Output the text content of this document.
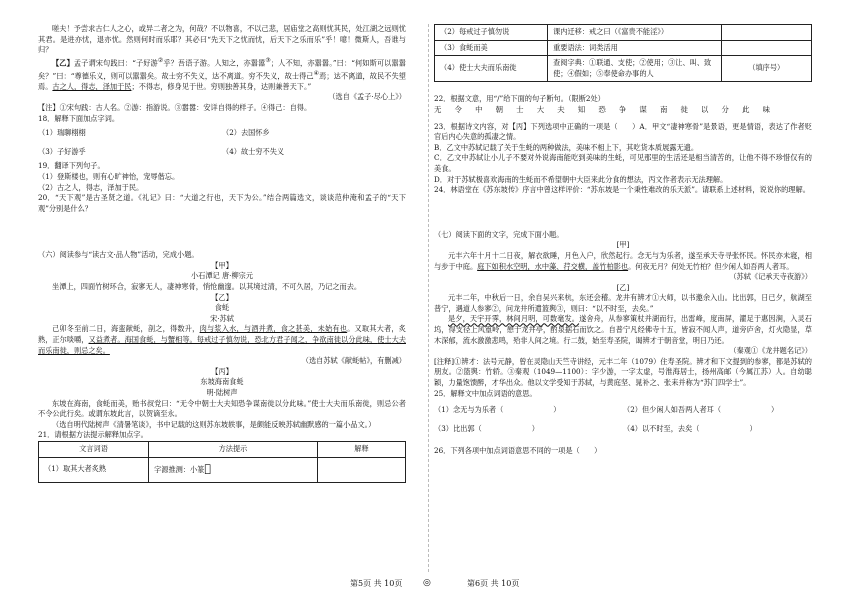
嗟夫！予尝求古仁人之心，或异二者之为，何哉？不以物喜，不以己悲，居庙堂之高则忧其民，处江湖之远则忧其君。是进亦忧，退亦忧。然则何时而乐耶？其必曰“先天下之忧而忧，后天下之乐而乐”乎！噫！微斯人，吾谁与归？

【乙】孟子谓宋句践曰：“子好游②乎？吾语子游。人知之，亦嚣嚣③；人不知，亦嚣嚣。”曰：“何如斯可以嚣嚣矣？”曰：“尊德乐义，则可以嚣嚣矣。故士穷不失义，达不离道。穷不失义，故士得己④焉；达不离道，故民不失望焉。古之人，得志，泽加于民；不得志，修身见于世。穷则独善其身，达则兼善天下。”

（选自《孟子·尽心上》）

【注】①宋句践：古人名。②游：指游说。③嚣嚣：安详自得的样子。④得己：自得。

18．解释下面加点字词。

（1）瑞聊栩栩	（2）去国怀乡

（3）子好游乎	（4）故士穷不失义

19．翻译下列句子。

（1）登斯楼也，则有心旷神怡，宠辱偕忘。

（2）古之人，得志，泽加于民。

20．“天下观”是古圣贤之道。《礼记》曰：“大道之行也，天下为公。”结合两篇选文，谈谈范仲淹和孟子的“天下观”分别是什么？

（六）阅读参与“读古文·品人物”活动，完成小题。

【甲】

小石潭记 唐·柳宗元

坐潭上，四面竹树环合，寂寥无人，凄神寒骨，悄怆幽邃。以其境过清，不可久居，乃记之而去。

【乙】

食蚝

宋·苏轼

己卯冬至前二日，海蛮献蚝，剖之，得数升，肉与浆入水，与酒并煮，食之甚美，未始有也。又取其大者，炙熟，正尔啖嚼，又益煮者。海国食蚝，与蟹相等。每戒过子慎勿说，恐北方君子闻之，争欲南徙以分此味，使士大夫而乐南徙，则忌之矣。

（选自苏轼《献蚝帖》，有删减）

【丙】

东坡海南食蚝

明·陆树声

东坡在海南，食蚝而美，贻书叔党曰：“无令中朝士大夫知恐争谋南徙以分此味。”使士大夫而乐南徙，则忌公者不令公此行矣。或谓东坡此言，以贺谪至永。

（选自明代陆树声《清暑笔谈》，书中记载的这则苏东坡轶事，是颇能反映苏轼幽默感的一篇小品文。）

21．请根据方法提示解释加点字。

文言词语	方法提示	解释
（1）取其大者炙熟	字源推测：小篆𤊌	
（2）每戒过子慎勿说	课内迁移：戒之曰（《富贵不能淫》）	
（3）食蚝而美	重要语法：词类活用	
（4）使士大夫而乐南徙	查阅字典：①联通、支使；②使用；③让、叫、致使；④假如；⑤奉使命办事的人	（填序号）

22．根据文意，用“/”给下面的句子断句。（限断2处）

无 令 中 朝 士 大 夫 知 恐 争 谋 南 徙 以 分 此 味

23．根据诗文内容，对【丙】下列选项中正确的一项是（　　）A．甲文“凄神寒骨”是景语，更是情语，表达了作者贬官后内心失意的孤凄之情。

B．乙文中苏轼记载了关于生蚝的两种做法，美味不相上下，其吃货本质展露无遗。

C．乙文中苏轼让小儿子不要对外说海南能吃到美味的生蚝，可见那里的生活还是相当清苦的，让他不得不珍惜仅有的美食。

D．对于苏轼极喜欢海南的生蚝而不希望朝中大臣来此分食的想法，丙文作者表示无法理解。

24．林语堂在《苏东坡传》序言中曾这样评价：“苏东坡是一个秉性难改的乐天派”。请联系上述材料，说说你的理解。

（七）阅读下面的文字，完成下面小题。

[甲]

元丰六年十月十二日夜，解衣欲睡，月色入户，欣然起行。念无与为乐者，遂至承天寺寻张怀民。怀民亦未寝，相与步于中庭。庭下如积水空明，水中藻、荇交横，盖竹柏影也。何夜无月？何处无竹柏？但少闲人如吾两人者耳。

（苏轼《记承天寺夜游》）

[乙]

元丰二年，中秋后一日，余自吴兴来杭，东还会稽。龙井有辨才①大师，以书邀余入山。比出郭，日已夕，航湖至普宁，遇道人参寥②，问龙井所遣篮舆③，则曰：“以不时至，去矣。”

是夕，天宇开霁，林间月明，可数毫发。遂舍舟，从参寥策杖并湖而行，出雷峰，度南屏，濯足于惠因涧，入灵石坞，得支径上风篁岭，憩于龙井亭，酌泉据石而饮之。自普宁凡经佛寺十五，皆寂不闻人声，道旁庐舍，灯火隐显，草木深郁，流水激激悲鸣，殆非人间之境。行二鼓，始至寿圣院，谒辨才于朝音堂，明日乃还。

（秦观①《龙井题名记》）

[注释]①辨才：法号元静，曾在灵隐山天竺寺讲经，元丰二年（1079）住寿圣院。辨才和下文提到的参寥，都是苏轼的朋友。②篮舆：竹轿。③秦观（1049—1100）：字少游，一字太虚，号淮海居士，扬州高邮（今属江苏）人。自幼聪颖，力量饱馈醉，才华出众。他以文学受知于苏轼，与黄庭坚、晁补之、张耒并称为“苏门四学士”。

25．解释文中加点词语的意思。

（1）念无与为乐者（	）	（2）但少闲人如吾两人者耳（	）

（3）比出郭（	）	（4）以不时至，去矣（	）

26．下列各项中加点词语意思不同的一项是（　　）

第5页 共 10页 ◎	第6页 共 10页
